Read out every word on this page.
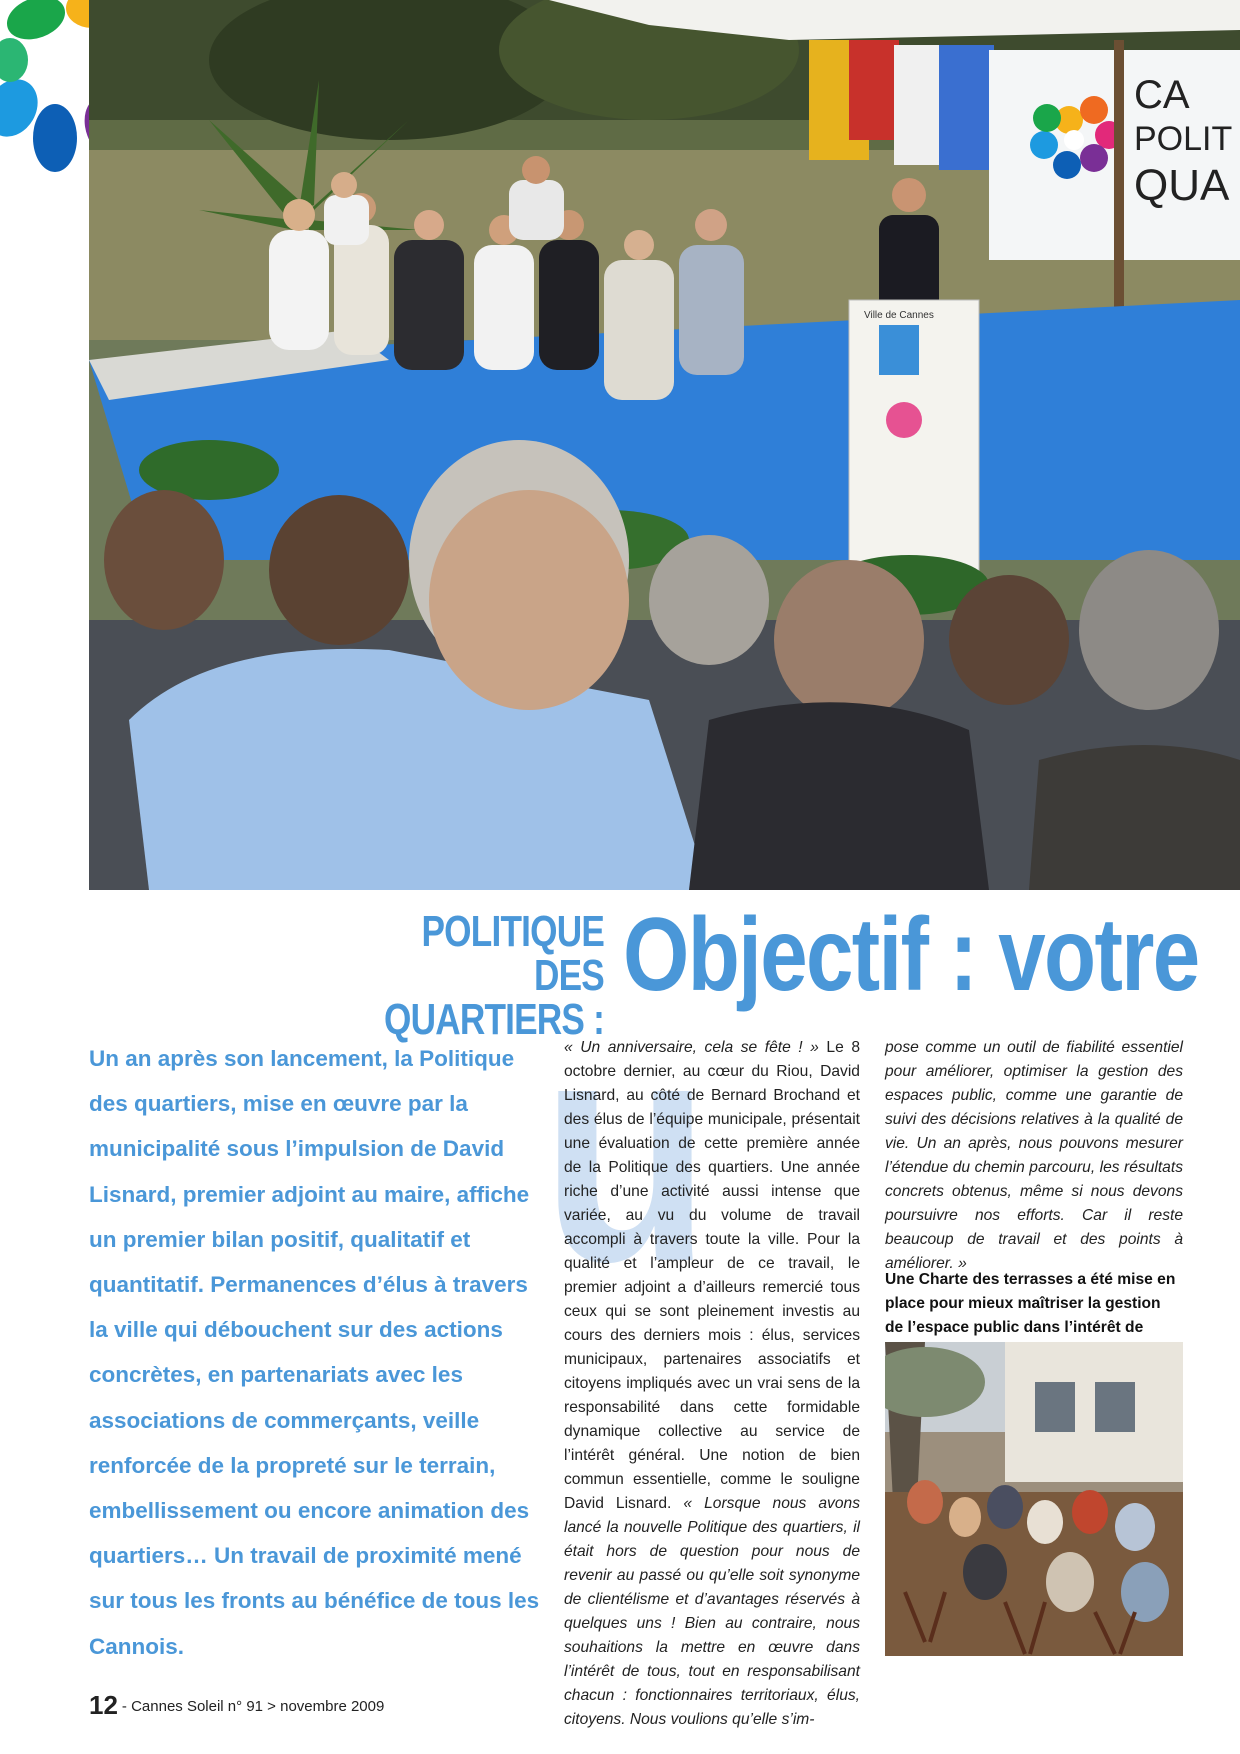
CA
POLIT
QUA
Ville de Cannes
POLITIQUE DES
QUARTIERS :
Objectif : votre
u
Un an après son lancement, la Politique des quartiers, mise en œuvre par la municipalité sous l’impulsion de David Lisnard, premier adjoint au maire, affiche un premier bilan positif, qualitatif et quantitatif. Permanences d’élus à travers la ville qui débouchent sur des actions concrètes, en partenariats avec les associations de commerçants, veille renforcée de la propreté sur le terrain, embellissement ou encore animation des quartiers… Un travail de proximité mené sur tous les fronts au bénéfice de tous les Cannois.
« Un anniversaire, cela se fête ! » Le 8 octobre dernier, au cœur du Riou, David Lisnard, au côté de Bernard Brochand et des élus de l’équipe municipale, présentait une évaluation de cette première année de la Politique des quartiers. Une année riche d’une activité aussi intense que variée, au vu du volume de travail accompli à travers toute la ville. Pour la qualité et l’ampleur de ce travail, le premier adjoint a d’ailleurs remercié tous ceux qui se sont pleinement investis au cours des derniers mois : élus, services municipaux, partenaires associatifs et citoyens impliqués avec un vrai sens de la responsabilité dans cette formidable dynamique collective au service de l’intérêt général. Une notion de bien commun essentielle, comme le souligne David Lisnard. « Lorsque nous avons lancé la nouvelle Politique des quartiers, il était hors de question pour nous de revenir au passé ou qu’elle soit synonyme de clientélisme et d’avantages réservés à quelques uns ! Bien au contraire, nous souhaitions la mettre en œuvre dans l’intérêt de tous, tout en responsabilisant chacun : fonctionnaires territoriaux, élus, citoyens. Nous voulions qu’elle s’im-
pose comme un outil de fiabilité essentiel pour améliorer, optimiser la gestion des espaces public, comme une garantie de suivi des décisions relatives à la qualité de vie. Un an après, nous pouvons mesurer l’étendue du chemin parcouru, les résultats concrets obtenus, même si nous devons poursuivre nos efforts. Car il reste beaucoup de travail et des points à améliorer. »
Une Charte des terrasses a été mise en place pour mieux maîtriser la gestion de l’espace public dans l’intérêt de
12 - Cannes Soleil n° 91 > novembre 2009
